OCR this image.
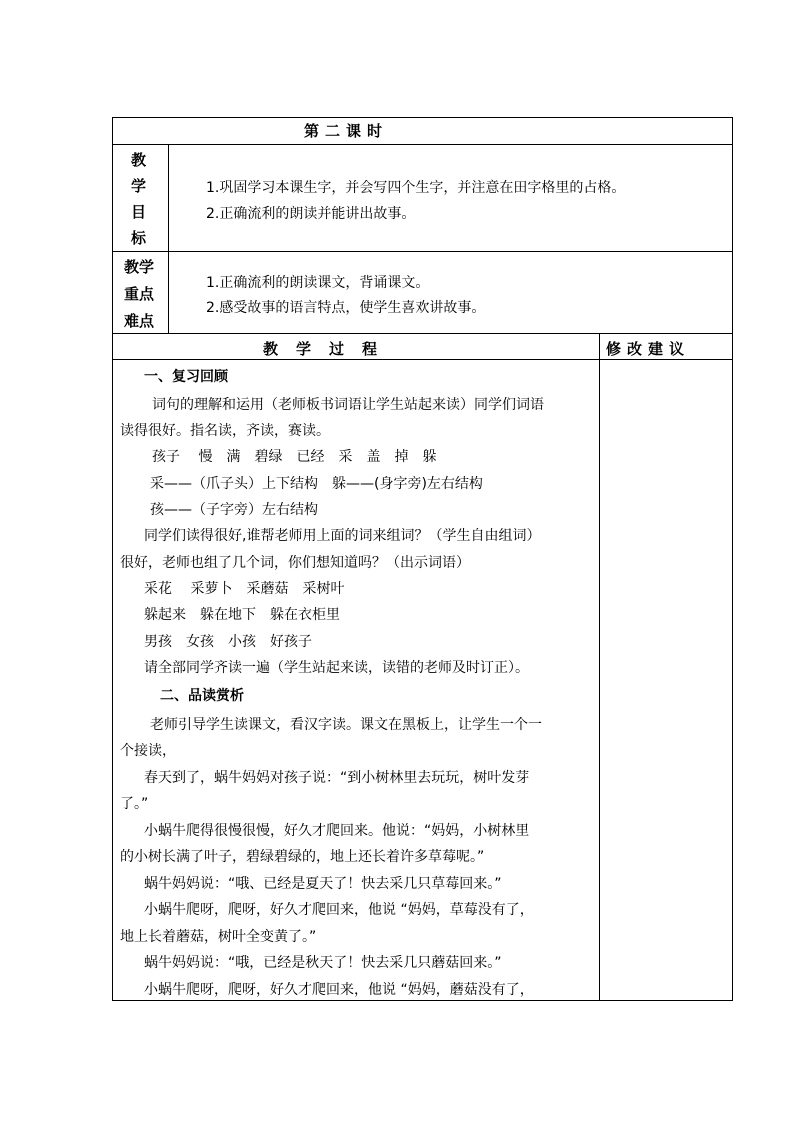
第二课时
教
学
目
标
1.巩固学习本课生字，并会写四个生字，并注意在田字格里的占格。
2.正确流利的朗读并能讲出故事。
教学
重点
难点
1.正确流利的朗读课文，背诵课文。
2.感受故事的语言特点，使学生喜欢讲故事。
教学过程	修改建议
一、复习回顾
词句的理解和运用（老师板书词语让学生站起来读）同学们词语
读得很好。指名读，齐读，赛读。
孩子　 慢　满　碧绿　已经　采　盖　掉　躲
采——（爪子头）上下结构　躲——(身字旁)左右结构
孩——（子字旁）左右结构
同学们读得很好,谁帮老师用上面的词来组词？（学生自由组词）
很好，老师也组了几个词，你们想知道吗？（出示词语）
采花　 采萝卜　采蘑菇　采树叶
躲起来　躲在地下　躲在衣柜里
男孩　女孩　小孩　好孩子
请全部同学齐读一遍（学生站起来读，读错的老师及时订正）。
二、品读赏析
老师引导学生读课文，看汉字读。课文在黑板上，让学生一个一
个接读，
春天到了，蜗牛妈妈对孩子说：“到小树林里去玩玩，树叶发芽
了。”
小蜗牛爬得很慢很慢，好久才爬回来。他说：“妈妈，小树林里
的小树长满了叶子，碧绿碧绿的，地上还长着许多草莓呢。”
蜗牛妈妈说：“哦、已经是夏天了！快去采几只草莓回来。”
小蜗牛爬呀，爬呀，好久才爬回来，他说 “妈妈，草莓没有了，
地上长着蘑菇，树叶全变黄了。”
蜗牛妈妈说：“哦，已经是秋天了！快去采几只蘑菇回来。”
小蜗牛爬呀，爬呀，好久才爬回来，他说 “妈妈，蘑菇没有了，
